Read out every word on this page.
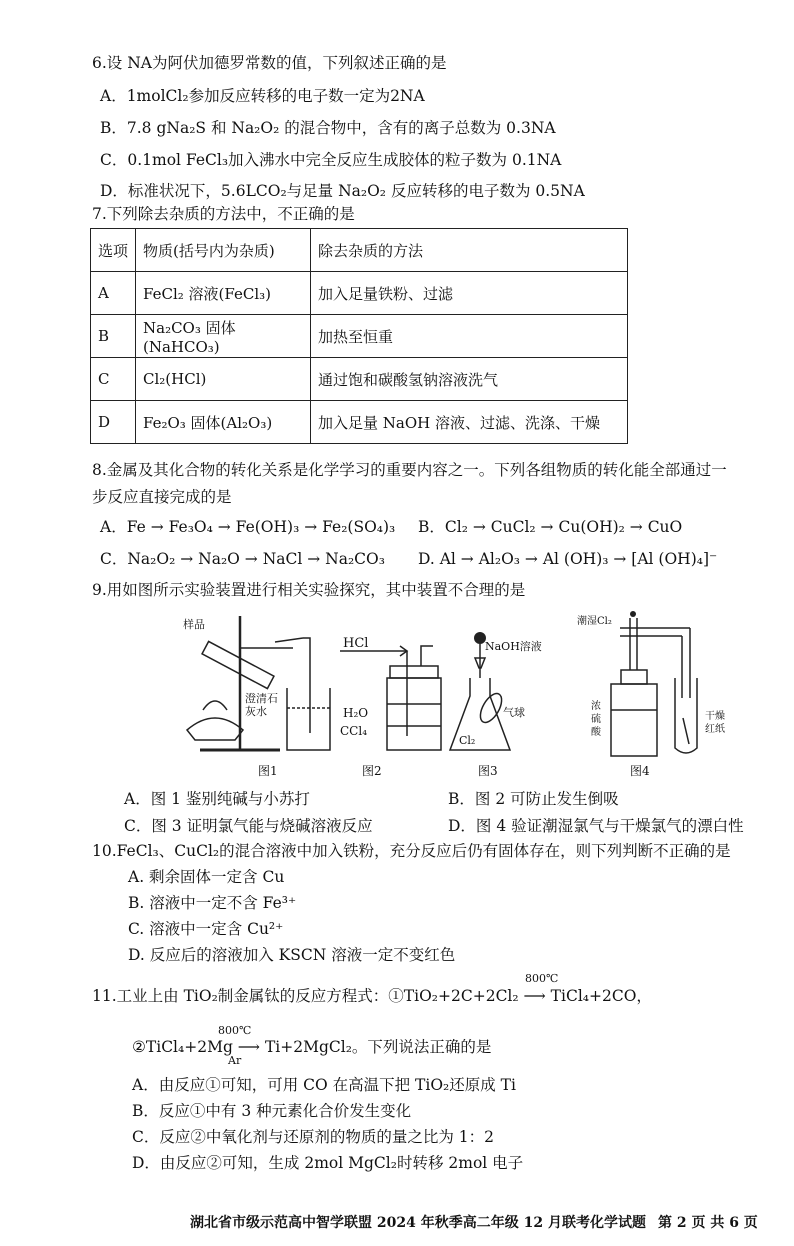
6.设 NA为阿伏加德罗常数的值，下列叙述正确的是
A．1molCl₂参加反应转移的电子数一定为2NA
B．7.8 gNa₂S 和 Na₂O₂ 的混合物中，含有的离子总数为 0.3NA
C．0.1mol FeCl₃加入沸水中完全反应生成胶体的粒子数为 0.1NA
D．标准状况下，5.6LCO₂与足量 Na₂O₂ 反应转移的电子数为 0.5NA
7.下列除去杂质的方法中，不正确的是
选项	物质(括号内为杂质)	除去杂质的方法
A	FeCl₂ 溶液(FeCl₃)	加入足量铁粉、过滤
B	Na₂CO₃ 固体(NaHCO₃)	加热至恒重
C	Cl₂(HCl)	通过饱和碳酸氢钠溶液洗气
D	Fe₂O₃ 固体(Al₂O₃)	加入足量 NaOH 溶液、过滤、洗涤、干燥
8.金属及其化合物的转化关系是化学学习的重要内容之一。下列各组物质的转化能全部通过一
步反应直接完成的是
A．Fe → Fe₃O₄ → Fe(OH)₃ → Fe₂(SO₄)₃ B．Cl₂ → CuCl₂ → Cu(OH)₂ → CuO
C．Na₂O₂ → Na₂O → NaCl → Na₂CO₃ D. Al → Al₂O₃ → Al (OH)₃ → [Al (OH)₄]⁻
9.用如图所示实验装置进行相关实验探究，其中装置不合理的是
样品
澄清石灰水
HCl
H₂O
CCl₄
NaOH溶液
气球
Cl₂
潮湿Cl₂
浓硫酸
干燥红纸
图1	图2	图3	图4
A．图 1 鉴别纯碱与小苏打	B．图 2 可防止发生倒吸
C．图 3 证明氯气能与烧碱溶液反应	D．图 4 验证潮湿氯气与干燥氯气的漂白性
10.FeCl₃、CuCl₂的混合溶液中加入铁粉，充分反应后仍有固体存在，则下列判断不正确的是
A. 剩余固体一定含 Cu
B. 溶液中一定不含 Fe³⁺
C. 溶液中一定含 Cu²⁺
D. 反应后的溶液加入 KSCN 溶液一定不变红色
800℃
11.工业上由 TiO₂制金属钛的反应方程式：①TiO₂+2C+2Cl₂ ⟶ TiCl₄+2CO，
800℃
②TiCl₄+2Mg ⟶ Ti+2MgCl₂。下列说法正确的是
Ar
A．由反应①可知，可用 CO 在高温下把 TiO₂还原成 Ti
B．反应①中有 3 种元素化合价发生变化
C．反应②中氧化剂与还原剂的物质的量之比为 1：2
D．由反应②可知，生成 2mol MgCl₂时转移 2mol 电子
湖北省市级示范高中智学联盟 2024 年秋季高二年级 12 月联考化学试题 第 2 页 共 6 页
